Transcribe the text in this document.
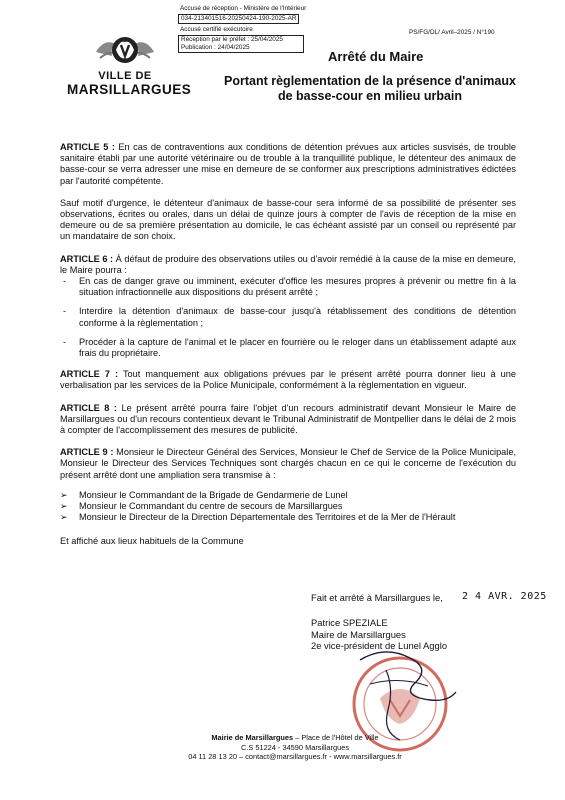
Accusé de réception - Ministère de l'Intérieur
034-213401516-20250424-190-2025-AR
Accusé certifié exécutoire
Réception par le préfet : 25/04/2025
Publication : 24/04/2025
PS/FG/DL/ Avril–2025 / N°190
VILLE DE
MARSILLARGUES
Arrêté du Maire
Portant règlementation de la présence d'animaux
de basse-cour en milieu urbain

ARTICLE 5 : En cas de contraventions aux conditions de détention prévues aux articles susvisés, de trouble sanitaire établi par une autorité vétérinaire ou de trouble à la tranquillité publique, le détenteur des animaux de basse-cour se verra adresser une mise en demeure de se conformer aux prescriptions administratives édictées par l'autorité compétente.

Sauf motif d'urgence, le détenteur d'animaux de basse-cour sera informé de sa possibilité de présenter ses observations, écrites ou orales, dans un délai de quinze jours à compter de l'avis de réception de la mise en demeure ou de sa première présentation au domicile, le cas échéant assisté par un conseil ou représenté par un mandataire de son choix.

ARTICLE 6 : À défaut de produire des observations utiles ou d'avoir remédié à la cause de la mise en demeure, le Maire pourra :

- En cas de danger grave ou imminent, exécuter d'office les mesures propres à prévenir ou mettre fin à la situation infractionnelle aux dispositions du présent arrêté ;
- Interdire la détention d'animaux de basse-cour jusqu'à rétablissement des conditions de détention conforme à la règlementation ;
- Procéder à la capture de l'animal et le placer en fourrière ou le reloger dans un établissement adapté aux frais du propriétaire.

ARTICLE 7 : Tout manquement aux obligations prévues par le présent arrêté pourra donner lieu à une verbalisation par les services de la Police Municipale, conformément à la règlementation en vigueur.

ARTICLE 8 : Le présent arrêté pourra faire l'objet d'un recours administratif devant Monsieur le Maire de Marsillargues ou d'un recours contentieux devant le Tribunal Administratif de Montpellier dans le délai de 2 mois à compter de l'accomplissement des mesures de publicité.

ARTICLE 9 : Monsieur le Directeur Général des Services, Monsieur le Chef de Service de la Police Municipale, Monsieur le Directeur des Services Techniques sont chargés chacun en ce qui le concerne de l'exécution du présent arrêté dont une ampliation sera transmise à :

➢ Monsieur le Commandant de la Brigade de Gendarmerie de Lunel
➢ Monsieur le Commandant du centre de secours de Marsillargues
➢ Monsieur le Directeur de la Direction Départementale des Territoires et de la Mer de l'Hérault

Et affiché aux lieux habituels de la Commune

Fait et arrêté à Marsillargues le, 2 4 AVR. 2025
Patrice SPEZIALE
Maire de Marsillargues
2e vice-président de Lunel Agglo
Mairie de Marsillargues – Place de l'Hôtel de Ville
C.S 51224 - 34590 Marsillargues
04 11 28 13 20 – contact@marsillargues.fr - www.marsillargues.fr
